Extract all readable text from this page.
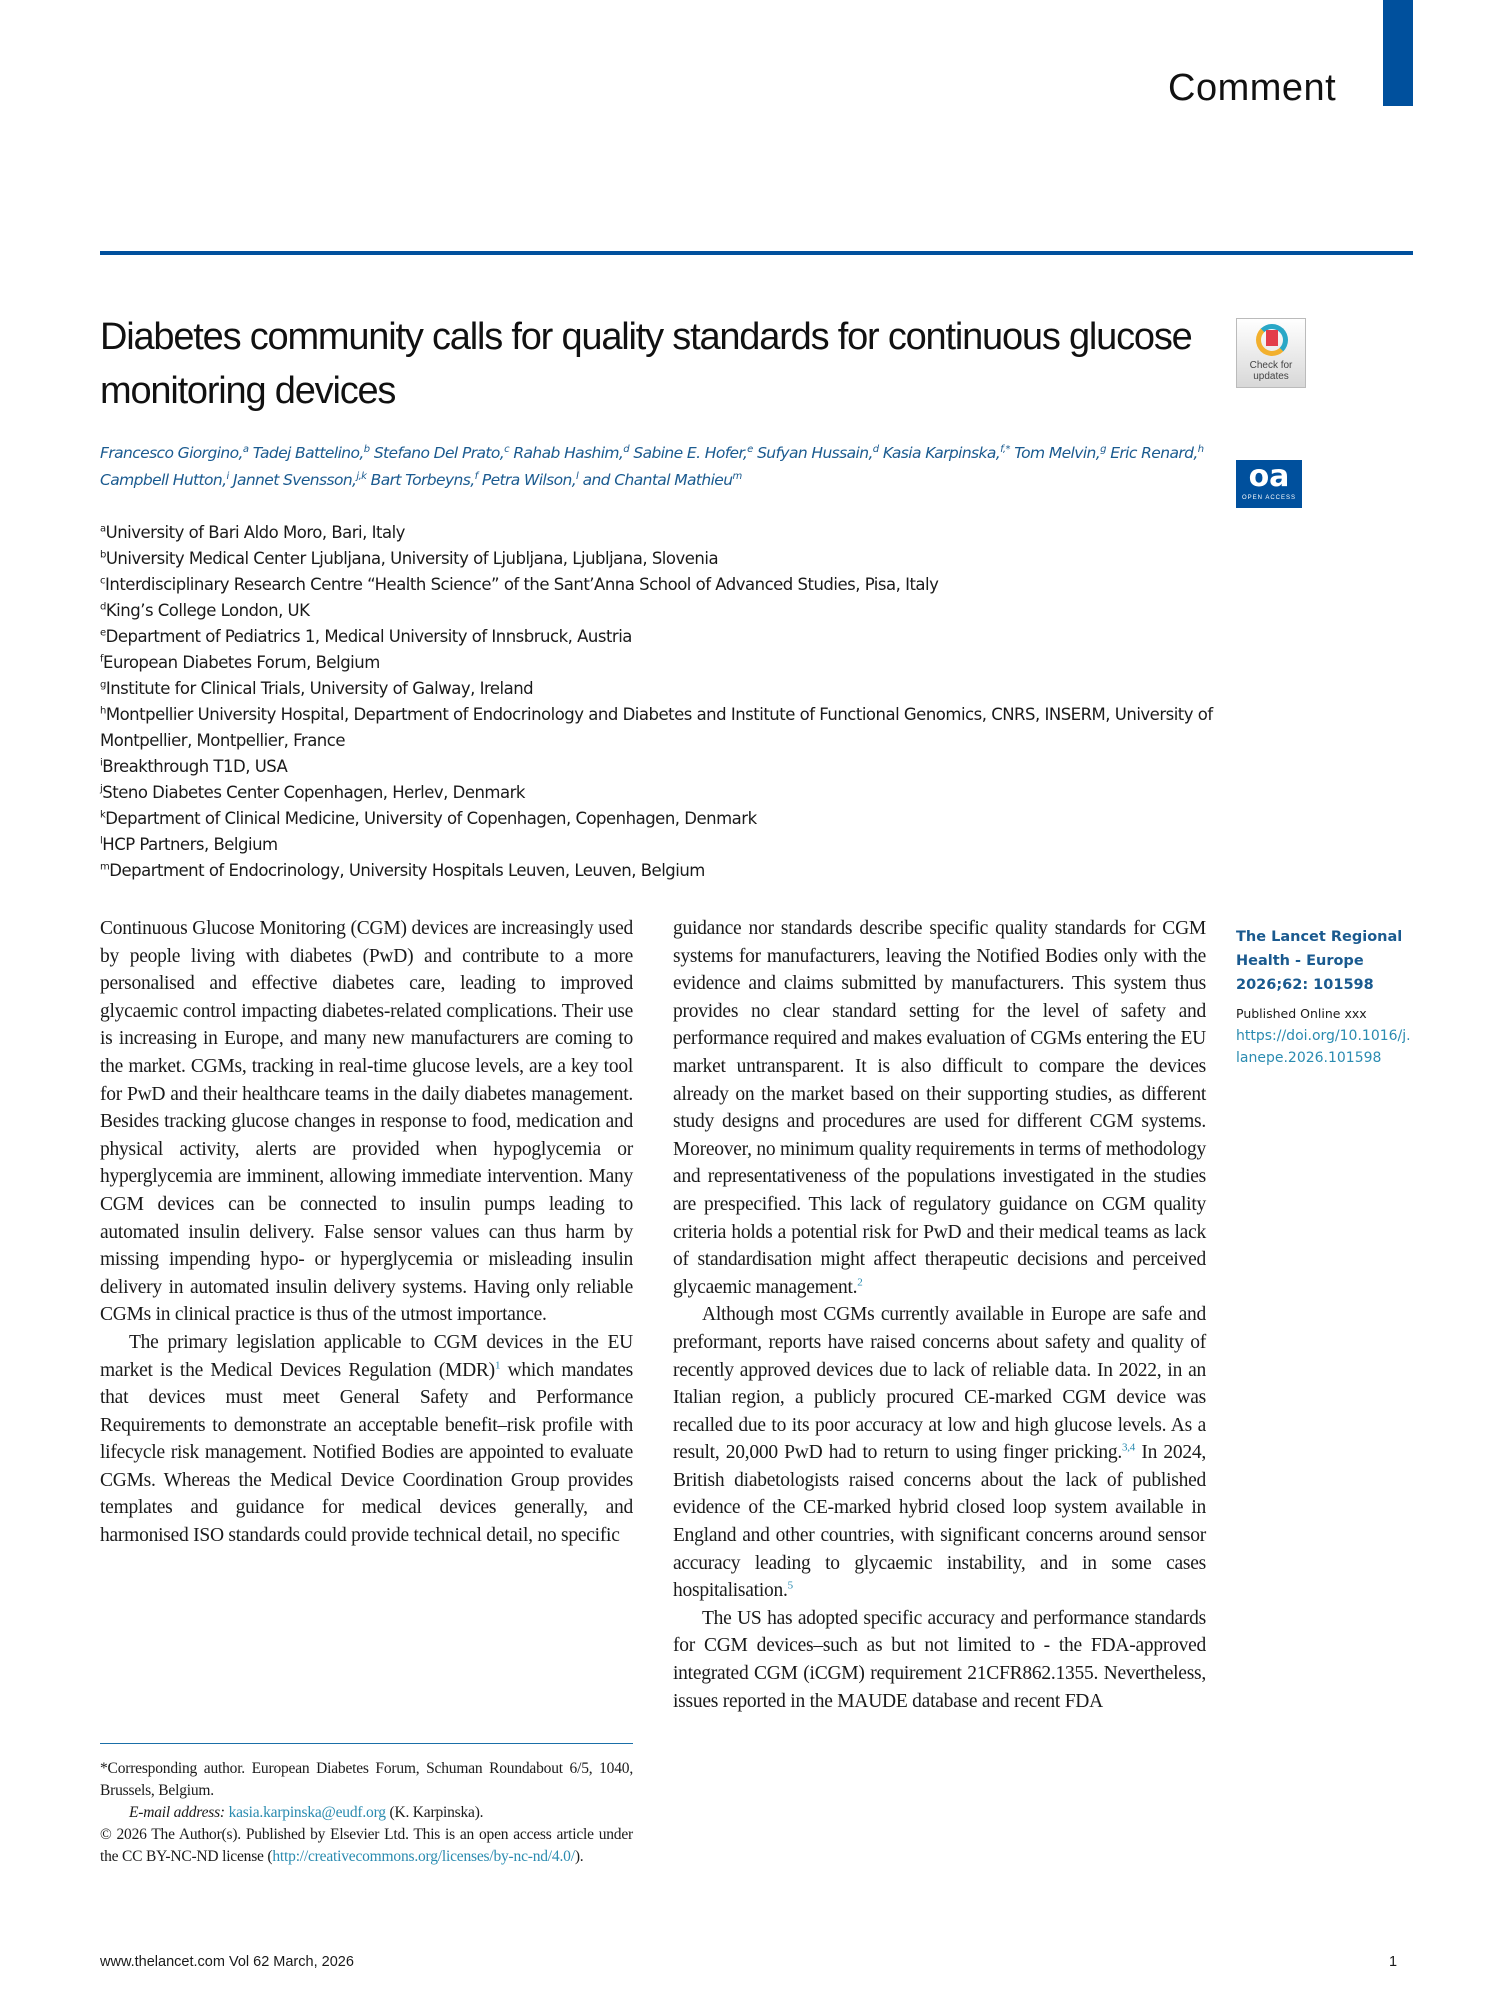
Comment
Diabetes community calls for quality standards for continuous glucose monitoring devices
Check for
updates
oa
OPEN ACCESS
Francesco Giorgino,$^a$ Tadej Battelino,$^b$ Stefano Del Prato,$^c$ Rahab Hashim,$^d$ Sabine E. Hofer,$^e$ Sufyan Hussain,$^d$ Kasia Karpinska,$^{f,*}$ Tom Melvin,$^g$ Eric Renard,$^h$ Campbell Hutton,$^i$ Jannet Svensson,$^{j,k}$ Bart Torbeyns,$^f$ Petra Wilson,$^l$ and Chantal Mathieu$^m$
$^a$University of Bari Aldo Moro, Bari, Italy
$^b$University Medical Center Ljubljana, University of Ljubljana, Ljubljana, Slovenia
$^c$Interdisciplinary Research Centre “Health Science” of the Sant’Anna School of Advanced Studies, Pisa, Italy
$^d$King’s College London, UK
$^e$Department of Pediatrics 1, Medical University of Innsbruck, Austria
$^f$European Diabetes Forum, Belgium
$^g$Institute for Clinical Trials, University of Galway, Ireland
$^h$Montpellier University Hospital, Department of Endocrinology and Diabetes and Institute of Functional Genomics, CNRS, INSERM, University of Montpellier, Montpellier, France
$^i$Breakthrough T1D, USA
$^j$Steno Diabetes Center Copenhagen, Herlev, Denmark
$^k$Department of Clinical Medicine, University of Copenhagen, Copenhagen, Denmark
$^l$HCP Partners, Belgium
$^m$Department of Endocrinology, University Hospitals Leuven, Leuven, Belgium

Continuous Glucose Monitoring (CGM) devices are increasingly used by people living with diabetes (PwD) and contribute to a more personalised and effective diabetes care, leading to improved glycaemic control impacting diabetes-related complications. Their use is increasing in Europe, and many new manufacturers are coming to the market. CGMs, tracking in real-time glucose levels, are a key tool for PwD and their healthcare teams in the daily diabetes management. Besides tracking glucose changes in response to food, medication and physical activity, alerts are provided when hypoglycemia or hyperglycemia are imminent, allowing immediate intervention. Many CGM devices can be connected to insulin pumps leading to automated insulin delivery. False sensor values can thus harm by missing impending hypo- or hyperglycemia or misleading insulin delivery in automated insulin delivery systems. Having only reliable CGMs in clinical practice is thus of the utmost importance.

The primary legislation applicable to CGM devices in the EU market is the Medical Devices Regulation (MDR)$^1$ which mandates that devices must meet General Safety and Performance Requirements to demonstrate an acceptable benefit–risk profile with lifecycle risk management. Notified Bodies are appointed to evaluate CGMs. Whereas the Medical Device Coordination Group provides templates and guidance for medical devices generally, and harmonised ISO standards could provide technical detail, no specific

guidance nor standards describe specific quality standards for CGM systems for manufacturers, leaving the Notified Bodies only with the evidence and claims submitted by manufacturers. This system thus provides no clear standard setting for the level of safety and performance required and makes evaluation of CGMs entering the EU market untransparent. It is also difficult to compare the devices already on the market based on their supporting studies, as different study designs and procedures are used for different CGM systems. Moreover, no minimum quality requirements in terms of methodology and representativeness of the populations investigated in the studies are prespecified. This lack of regulatory guidance on CGM quality criteria holds a potential risk for PwD and their medical teams as lack of standardisation might affect therapeutic decisions and perceived glycaemic management.$^2$

Although most CGMs currently available in Europe are safe and preformant, reports have raised concerns about safety and quality of recently approved devices due to lack of reliable data. In 2022, in an Italian region, a publicly procured CE-marked CGM device was recalled due to its poor accuracy at low and high glucose levels. As a result, 20,000 PwD had to return to using finger pricking.$^{3,4}$ In 2024, British diabetologists raised concerns about the lack of published evidence of the CE-marked hybrid closed loop system available in England and other countries, with significant concerns around sensor accuracy leading to glycaemic instability, and in some cases hospitalisation.$^5$

The US has adopted specific accuracy and performance standards for CGM devices–such as but not limited to - the FDA-approved integrated CGM (iCGM) requirement 21CFR862.1355. Nevertheless, issues reported in the MAUDE database and recent FDA

*Corresponding author. European Diabetes Forum, Schuman Roundabout 6/5, 1040, Brussels, Belgium.

E-mail address: kasia.karpinska@eudf.org (K. Karpinska).

© 2026 The Author(s). Published by Elsevier Ltd. This is an open access article under the CC BY-NC-ND license (http://creativecommons.org/licenses/by-nc-nd/4.0/).

The Lancet Regional
Health - Europe
2026;62: 101598
Published Online xxx
https://doi.org/10.1016/j.lanepe.2026.101598
www.thelancet.com Vol 62 March, 2026	1
